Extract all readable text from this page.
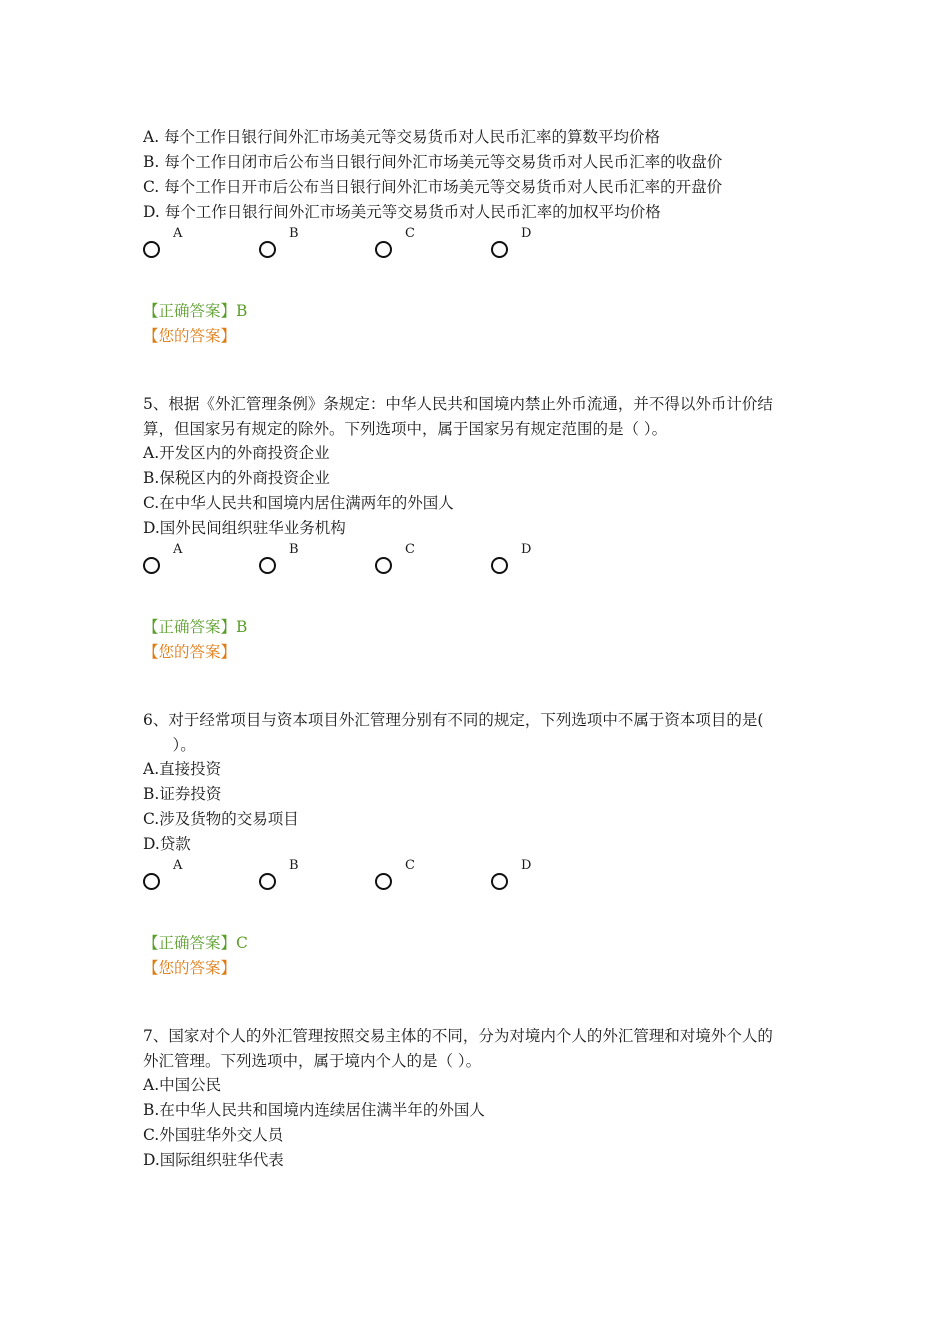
A. 每个工作日银行间外汇市场美元等交易货币对人民币汇率的算数平均价格
B. 每个工作日闭市后公布当日银行间外汇市场美元等交易货币对人民币汇率的收盘价
C. 每个工作日开市后公布当日银行间外汇市场美元等交易货币对人民币汇率的开盘价
D. 每个工作日银行间外汇市场美元等交易货币对人民币汇率的加权平均价格
A	B	C	D
【正确答案】B
【您的答案】
5、根据《外汇管理条例》条规定：中华人民共和国境内禁止外币流通，并不得以外币计价结
算，但国家另有规定的除外。下列选项中，属于国家另有规定范围的是（ ）。
A.开发区内的外商投资企业
B.保税区内的外商投资企业
C.在中华人民共和国境内居住满两年的外国人
D.国外民间组织驻华业务机构
A	B	C	D
【正确答案】B
【您的答案】
6、对于经常项目与资本项目外汇管理分别有不同的规定，下列选项中不属于资本项目的是(
）。
A.直接投资
B.证券投资
C.涉及货物的交易项目
D.贷款
A	B	C	D
【正确答案】C
【您的答案】
7、国家对个人的外汇管理按照交易主体的不同，分为对境内个人的外汇管理和对境外个人的
外汇管理。下列选项中，属于境内个人的是（ ）。
A.中国公民
B.在中华人民共和国境内连续居住满半年的外国人
C.外国驻华外交人员
D.国际组织驻华代表
